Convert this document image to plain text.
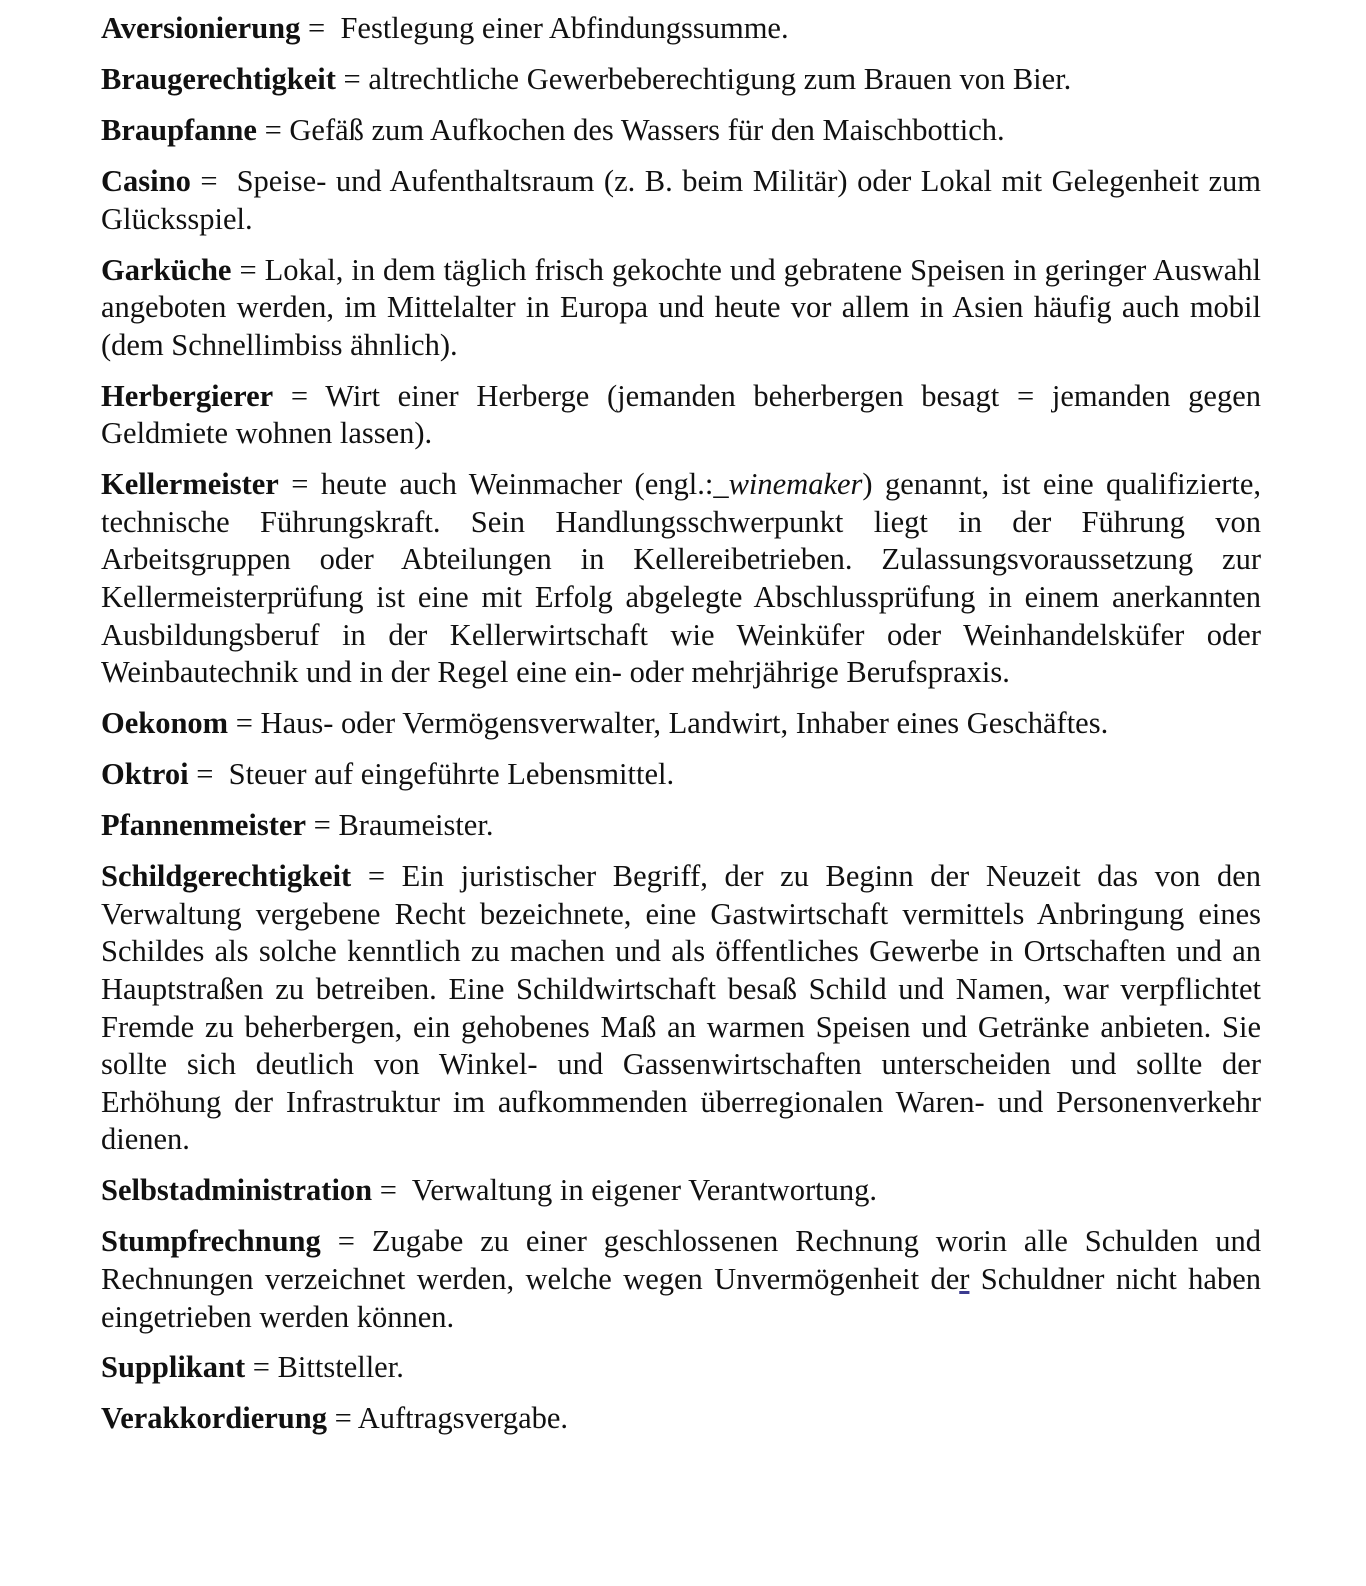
Aversionierung =  Festlegung einer Abfindungssumme.

Braugerechtigkeit = altrechtliche Gewerbeberechtigung zum Brauen von Bier.

Braupfanne = Gefäß zum Aufkochen des Wassers für den Maischbottich.

Casino =  Speise- und Aufenthaltsraum (z. B. beim Militär) oder Lokal mit Gelegenheit zum Glücksspiel.

Garküche = Lokal, in dem täglich frisch gekochte und gebratene Speisen in geringer Auswahl angeboten werden, im Mittelalter in Europa und heute vor allem in Asien häufig auch mobil (dem Schnellimbiss ähnlich).

Herbergierer = Wirt einer Herberge (jemanden beherbergen besagt = jemanden gegen Geldmiete wohnen lassen).

Kellermeister = heute auch Weinmacher (engl.:_winemaker) genannt, ist eine qualifizierte, technische Führungskraft. Sein Handlungsschwerpunkt liegt in der Führung von Arbeitsgruppen oder Abteilungen in Kellereibetrieben. Zulassungsvoraussetzung zur Kellermeisterprüfung ist eine mit Erfolg abgelegte Abschlussprüfung in einem anerkannten Ausbildungsberuf in der Kellerwirtschaft wie Weinküfer oder Weinhandelsküfer oder Weinbautechnik und in der Regel eine ein- oder mehrjährige Berufspraxis.

Oekonom = Haus- oder Vermögensverwalter, Landwirt, Inhaber eines Geschäftes.

Oktroi =  Steuer auf eingeführte Lebensmittel.

Pfannenmeister = Braumeister.

Schildgerechtigkeit = Ein juristischer Begriff, der zu Beginn der Neuzeit das von den Verwaltung vergebene Recht bezeichnete, eine Gastwirtschaft vermittels Anbringung eines Schildes als solche kenntlich zu machen und als öffentliches Gewerbe in Ortschaften und an Hauptstraßen zu betreiben. Eine Schildwirtschaft besaß Schild und Namen, war verpflichtet Fremde zu beherbergen, ein gehobenes Maß an warmen Speisen und Getränke anbieten. Sie sollte sich deutlich von Winkel- und Gassenwirtschaften unterscheiden und sollte der Erhöhung der Infrastruktur im aufkommenden überregionalen Waren- und Personenverkehr dienen.

Selbstadministration =  Verwaltung in eigener Verantwortung.

Stumpfrechnung = Zugabe zu einer geschlossenen Rechnung worin alle Schulden und Rechnungen verzeichnet werden, welche wegen Unvermögenheit der Schuldner nicht haben eingetrieben werden können.

Supplikant = Bittsteller.

Verakkordierung = Auftragsvergabe.
